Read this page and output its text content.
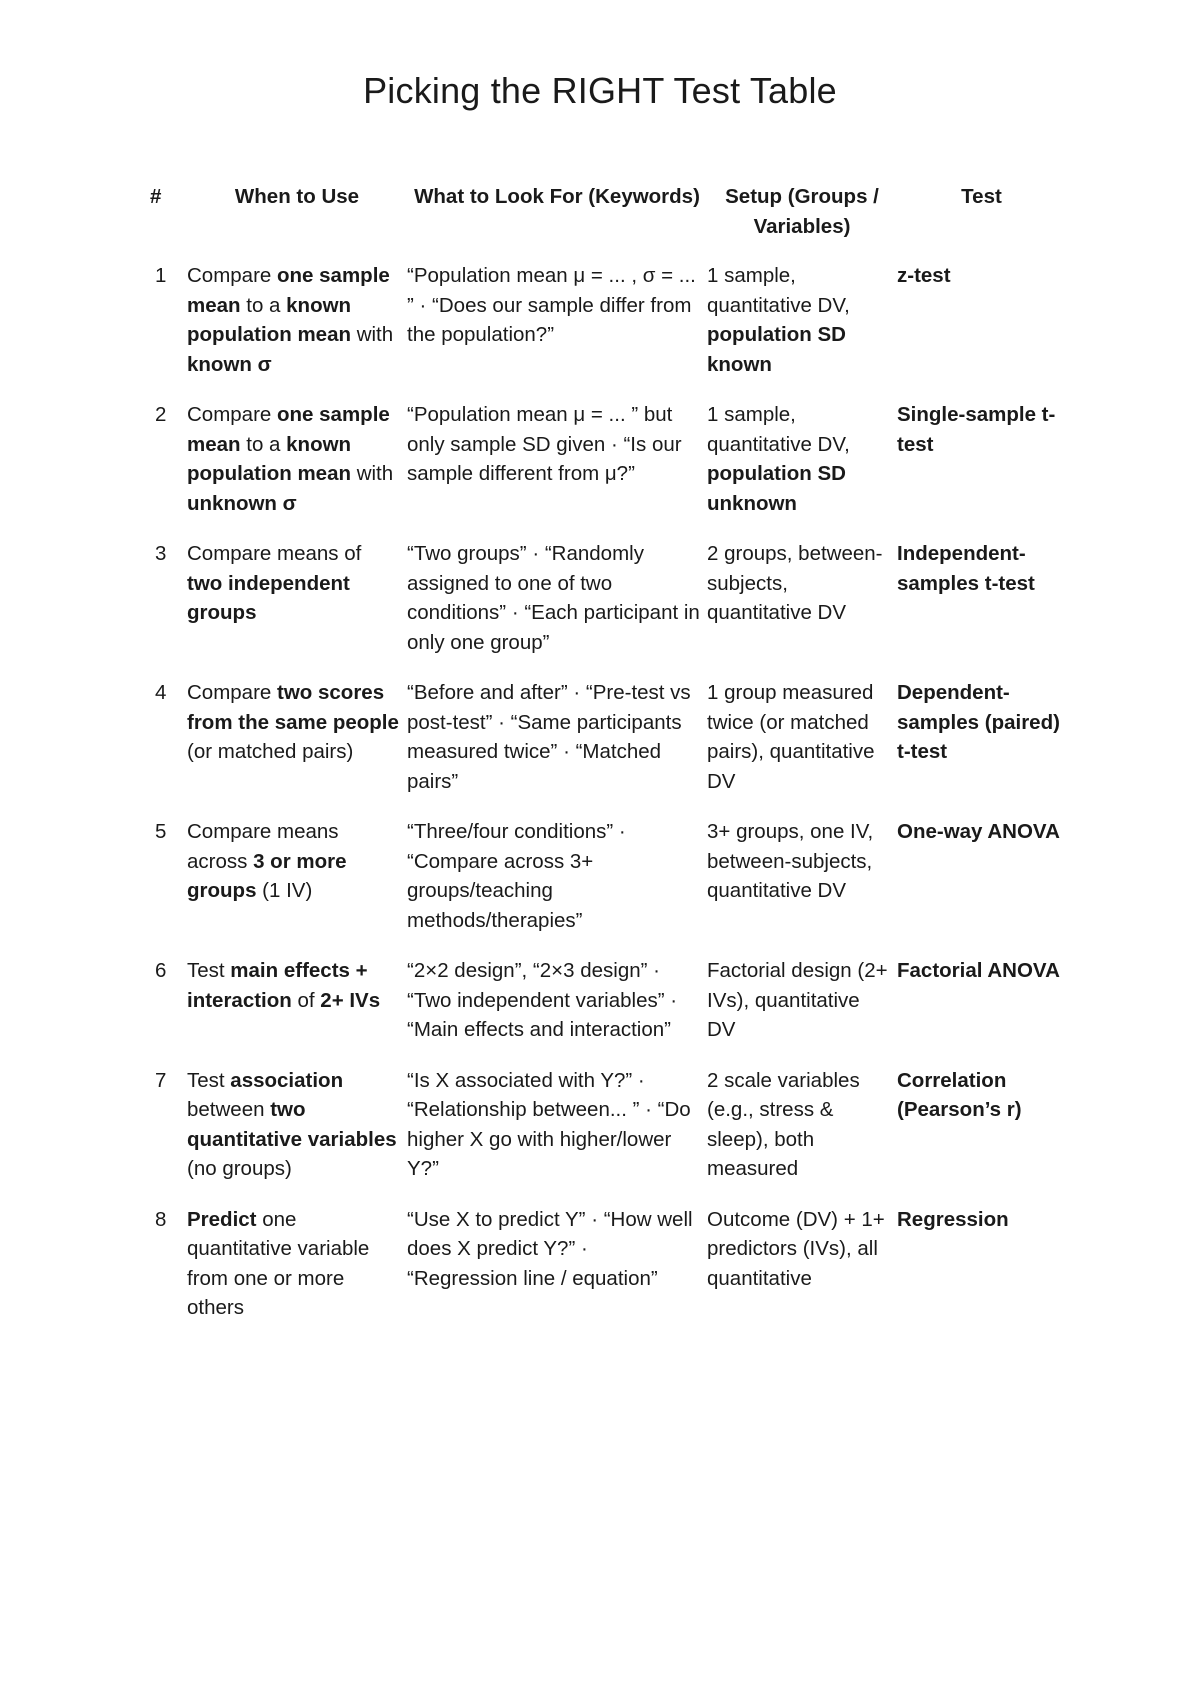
Picking the RIGHT Test Table
#	When to Use	What to Look For (Keywords)	Setup (Groups / Variables)	Test
1	Compare one sample mean to a known population mean with known σ	“Population mean μ = ... , σ = ... ” · “Does our sample differ from the population?”	1 sample, quantitative DV, population SD known	z-test
2	Compare one sample mean to a known population mean with unknown σ	“Population mean μ = ... ” but only sample SD given · “Is our sample different from μ?”	1 sample, quantitative DV, population SD unknown	Single-sample t-test
3	Compare means of two independent groups	“Two groups” · “Randomly assigned to one of two conditions” · “Each participant in only one group”	2 groups, between-subjects, quantitative DV	Independent-samples t-test
4	Compare two scores from the same people (or matched pairs)	“Before and after” · “Pre-test vs post-test” · “Same participants measured twice” · “Matched pairs”	1 group measured twice (or matched pairs), quantitative DV	Dependent-samples (paired) t-test
5	Compare means across 3 or more groups (1 IV)	“Three/four conditions” · “Compare across 3+ groups/teaching methods/therapies”	3+ groups, one IV, between-subjects, quantitative DV	One-way ANOVA
6	Test main effects + interaction of 2+ IVs	“2×2 design”, “2×3 design” · “Two independent variables” · “Main effects and interaction”	Factorial design (2+ IVs), quantitative DV	Factorial ANOVA
7	Test association between two quantitative variables (no groups)	“Is X associated with Y?” · “Relationship between... ” · “Do higher X go with higher/lower Y?”	2 scale variables (e.g., stress & sleep), both measured	Correlation (Pearson’s r)
8	Predict one quantitative variable from one or more others	“Use X to predict Y” · “How well does X predict Y?” · “Regression line / equation”	Outcome (DV) + 1+ predictors (IVs), all quantitative	Regression
